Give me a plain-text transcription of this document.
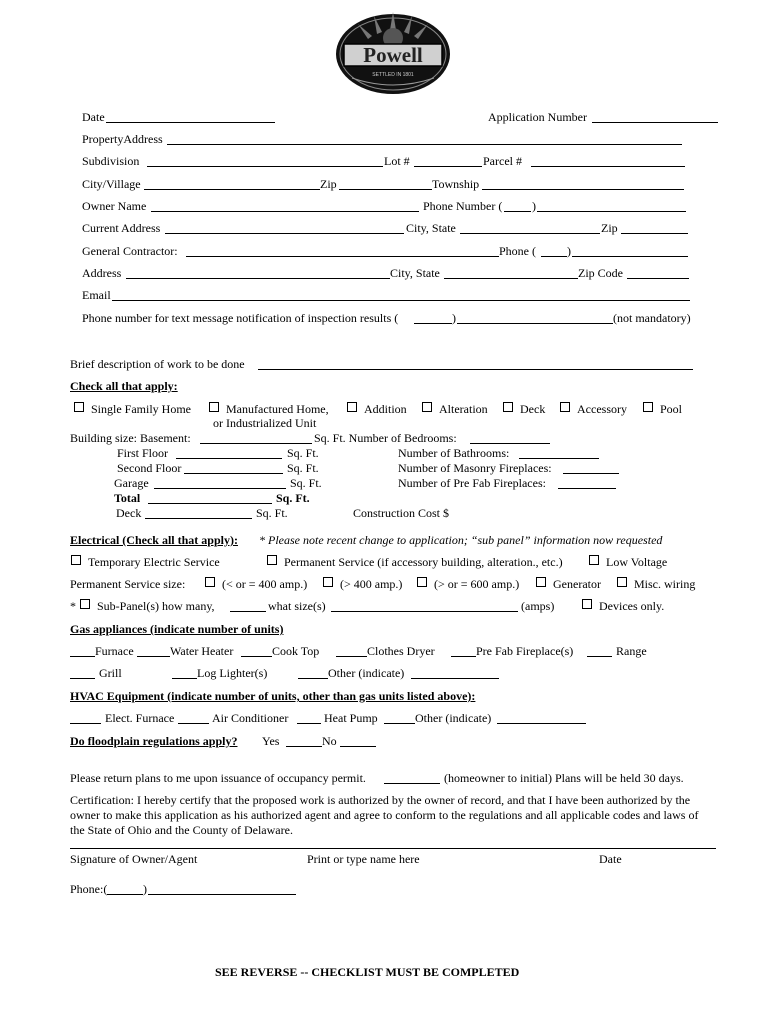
Powell
SETTLED IN 1801
Date	Application Number
PropertyAddress
Subdivision	Lot #	Parcel #
City/Village	Zip	Township
Owner Name	Phone Number ( )
Current Address	City, State	Zip
General Contractor:	Phone (	)
Address	City, State	Zip Code
Email
Phone number for text message notification of inspection results (	)	(not mandatory)
Brief description of work to be done
Check all that apply:
Single Family Home	Manufactured Home,
or Industrialized Unit
Addition	Alteration	Deck	Accessory	Pool
Building size: Basement:	Sq. Ft. Number of Bedrooms:
First Floor	Sq. Ft.	Number of Bathrooms:
Second Floor	Sq. Ft.	Number of Masonry Fireplaces:
Garage	Sq. Ft.	Number of Pre Fab Fireplaces:
Total	Sq. Ft.
Deck	Sq. Ft.	Construction Cost $
Electrical (Check all that apply): * Please note recent change to application; “sub panel” information now requested
Temporary Electric Service	Permanent Service (if accessory building, alteration., etc.)	Low Voltage
Permanent Service size:	(< or = 400 amp.)	(> 400 amp.)	(> or = 600 amp.)	Generator	Misc. wiring
* Sub-Panel(s) how many,	what size(s)	(amps)	Devices only.
Gas appliances (indicate number of units)
Furnace	Water Heater	Cook Top	Clothes Dryer	Pre Fab Fireplace(s)	Range
Grill	Log Lighter(s)	Other (indicate)
HVAC Equipment (indicate number of units, other than gas units listed above):
Elect. Furnace	Air Conditioner	Heat Pump	Other (indicate)
Do floodplain regulations apply? Yes	No
Please return plans to me upon issuance of occupancy permit.	(homeowner to initial) Plans will be held 30 days.
Certification: I hereby certify that the proposed work is authorized by the owner of record, and that I have been authorized by the
owner to make this application as his authorized agent and agree to conform to the regulations and all applicable codes and laws of
the State of Ohio and the County of Delaware.
Signature of Owner/Agent	Print or type name here	Date
Phone:(	)
SEE REVERSE -- CHECKLIST MUST BE COMPLETED
